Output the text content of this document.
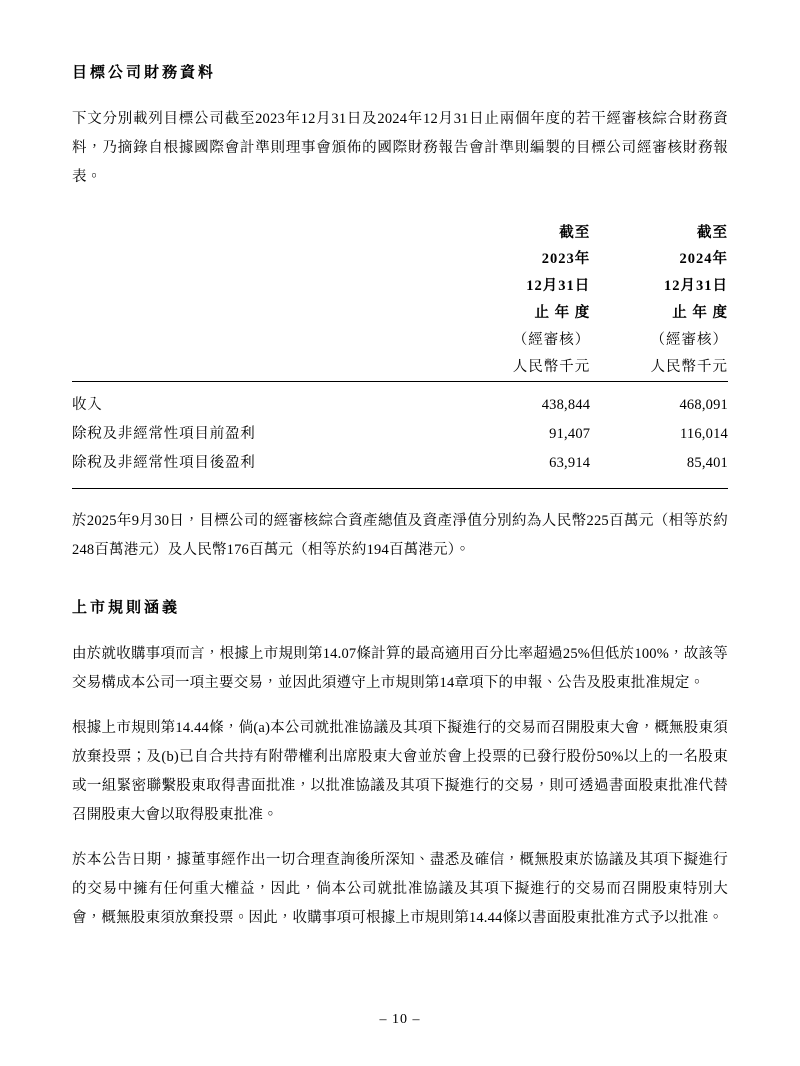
目標公司財務資料

下文分別載列目標公司截至2023年12月31日及2024年12月31日止兩個年度的若干經審核綜合財務資料，乃摘錄自根據國際會計準則理事會頒佈的國際財務報告會計準則編製的目標公司經審核財務報表。

	截至	截至
	2023年	2024年
	12月31日	12月31日
	止 年 度	止 年 度
	（經審核）	（經審核）
	人民幣千元	人民幣千元

收入	438,844	468,091
除稅及非經常性項目前盈利	91,407	116,014
除稅及非經常性項目後盈利	63,914	85,401

於2025年9月30日，目標公司的經審核綜合資產總值及資產淨值分別約為人民幣225百萬元（相等於約248百萬港元）及人民幣176百萬元（相等於約194百萬港元）。

上市規則涵義

由於就收購事項而言，根據上市規則第14.07條計算的最高適用百分比率超過25%但低於100%，故該等交易構成本公司一項主要交易，並因此須遵守上市規則第14章項下的申報、公告及股東批准規定。

根據上市規則第14.44條，倘(a)本公司就批准協議及其項下擬進行的交易而召開股東大會，概無股東須放棄投票；及(b)已自合共持有附帶權利出席股東大會並於會上投票的已發行股份50%以上的一名股東或一組緊密聯繫股東取得書面批准，以批准協議及其項下擬進行的交易，則可透過書面股東批准代替召開股東大會以取得股東批准。

於本公告日期，據董事經作出一切合理查詢後所深知、盡悉及確信，概無股東於協議及其項下擬進行的交易中擁有任何重大權益，因此，倘本公司就批准協議及其項下擬進行的交易而召開股東特別大會，概無股東須放棄投票。因此，收購事項可根據上市規則第14.44條以書面股東批准方式予以批准。

– 10 –
